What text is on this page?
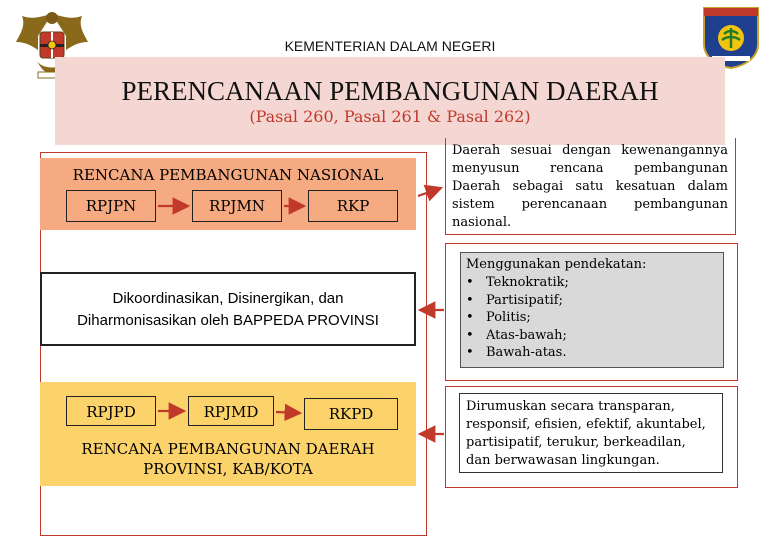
KEMENTERIAN DALAM NEGERI
PERENCANAAN PEMBANGUNAN DAERAH
(Pasal 260, Pasal 261 & Pasal 262)
RENCANA PEMBANGUNAN NASIONAL
RPJPN	RPJMN	RKP
Dikoordinasikan, Disinergikan, dan
Diharmonisasikan oleh BAPPEDA PROVINSI
RPJPD	RPJMD	RKPD
RENCANA PEMBANGUNAN DAERAH
PROVINSI, KAB/KOTA
Daerah sesuai dengan kewenangannya
menyusun rencana pembangunan
Daerah sebagai satu kesatuan dalam
sistem perencanaan pembangunan
nasional.
Menggunakan pendekatan:
• Teknokratik;
• Partisipatif;
• Politis;
• Atas-bawah;
• Bawah-atas.
Dirumuskan secara transparan,
responsif, efisien, efektif, akuntabel,
partisipatif, terukur, berkeadilan,
dan berwawasan lingkungan.
